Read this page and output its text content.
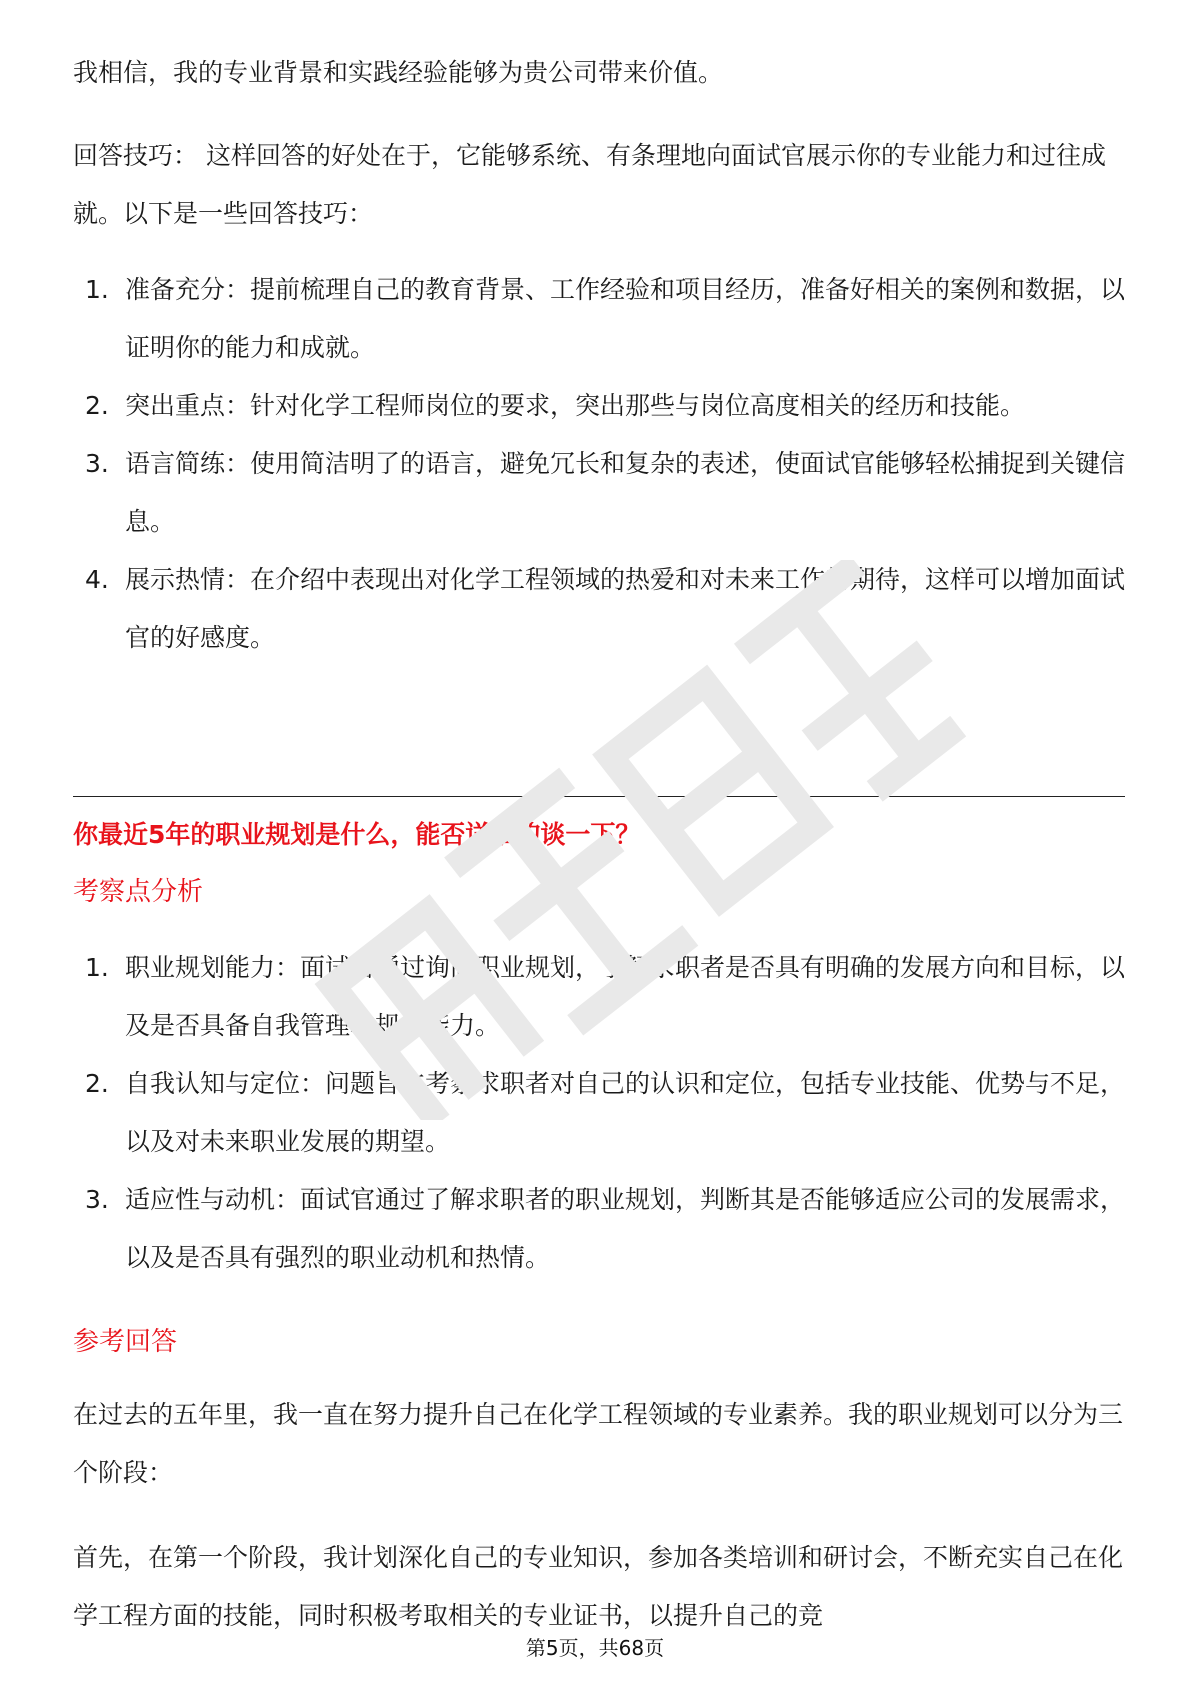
我相信，我的专业背景和实践经验能够为贵公司带来价值。

回答技巧： 这样回答的好处在于，它能够系统、有条理地向面试官展示你的专业能力和过往成就。以下是一些回答技巧：

1. 准备充分：提前梳理自己的教育背景、工作经验和项目经历，准备好相关的案例和数据，以证明你的能力和成就。
2. 突出重点：针对化学工程师岗位的要求，突出那些与岗位高度相关的经历和技能。
3. 语言简练：使用简洁明了的语言，避免冗长和复杂的表述，使面试官能够轻松捕捉到关键信息。
4. 展示热情：在介绍中表现出对化学工程领域的热爱和对未来工作的期待，这样可以增加面试官的好感度。
你最近5年的职业规划是什么，能否详细的谈一下？
考察点分析
1. 职业规划能力：面试官通过询问职业规划，了解求职者是否具有明确的发展方向和目标，以及是否具备自我管理和规划能力。
2. 自我认知与定位：问题旨在考察求职者对自己的认识和定位，包括专业技能、优势与不足，以及对未来职业发展的期望。
3. 适应性与动机：面试官通过了解求职者的职业规划，判断其是否能够适应公司的发展需求，以及是否具有强烈的职业动机和热情。
参考回答

在过去的五年里，我一直在努力提升自己在化学工程领域的专业素养。我的职业规划可以分为三个阶段：

首先，在第一个阶段，我计划深化自己的专业知识，参加各类培训和研讨会，不断充实自己在化学工程方面的技能，同时积极考取相关的专业证书，以提升自己的竞

第5页，共68页
